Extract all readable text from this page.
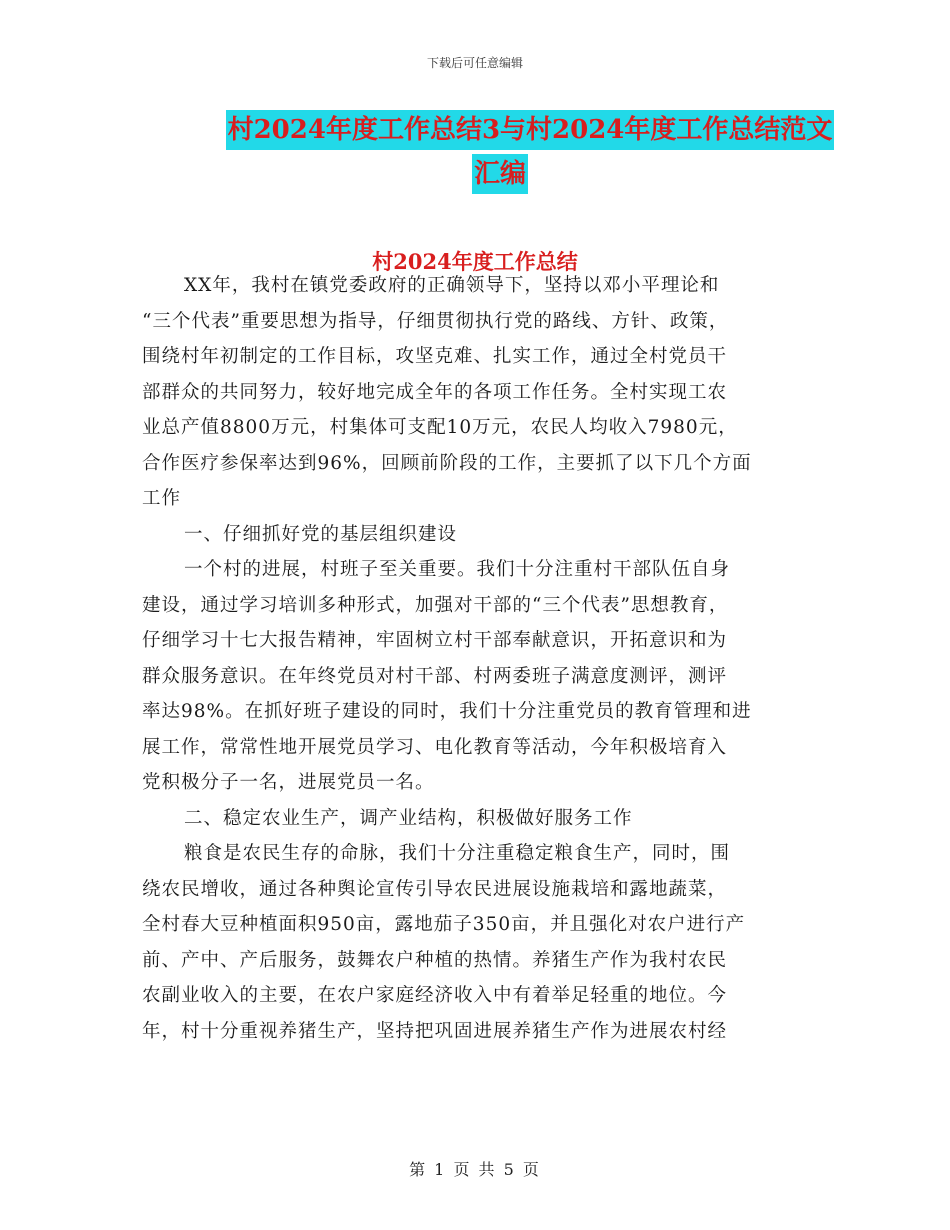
下载后可任意编辑
村2024年度工作总结3与村2024年度工作总结范文
汇编
村2024年度工作总结
XX年，我村在镇党委政府的正确领导下，坚持以邓小平理论和
“三个代表”重要思想为指导，仔细贯彻执行党的路线、方针、政策，
围绕村年初制定的工作目标，攻坚克难、扎实工作，通过全村党员干
部群众的共同努力，较好地完成全年的各项工作任务。全村实现工农
业总产值8800万元，村集体可支配10万元，农民人均收入7980元，
合作医疗参保率达到96%，回顾前阶段的工作，主要抓了以下几个方面
工作
一、仔细抓好党的基层组织建设
一个村的进展，村班子至关重要。我们十分注重村干部队伍自身
建设，通过学习培训多种形式，加强对干部的“三个代表”思想教育，
仔细学习十七大报告精神，牢固树立村干部奉献意识，开拓意识和为
群众服务意识。在年终党员对村干部、村两委班子满意度测评，测评
率达98%。在抓好班子建设的同时，我们十分注重党员的教育管理和进
展工作，常常性地开展党员学习、电化教育等活动，今年积极培育入
党积极分子一名，进展党员一名。
二、稳定农业生产，调产业结构，积极做好服务工作
粮食是农民生存的命脉，我们十分注重稳定粮食生产，同时，围
绕农民增收，通过各种舆论宣传引导农民进展设施栽培和露地蔬菜，
全村春大豆种植面积950亩，露地茄子350亩，并且强化对农户进行产
前、产中、产后服务，鼓舞农户种植的热情。养猪生产作为我村农民
农副业收入的主要，在农户家庭经济收入中有着举足轻重的地位。今
年，村十分重视养猪生产，坚持把巩固进展养猪生产作为进展农村经
第 1 页 共 5 页
